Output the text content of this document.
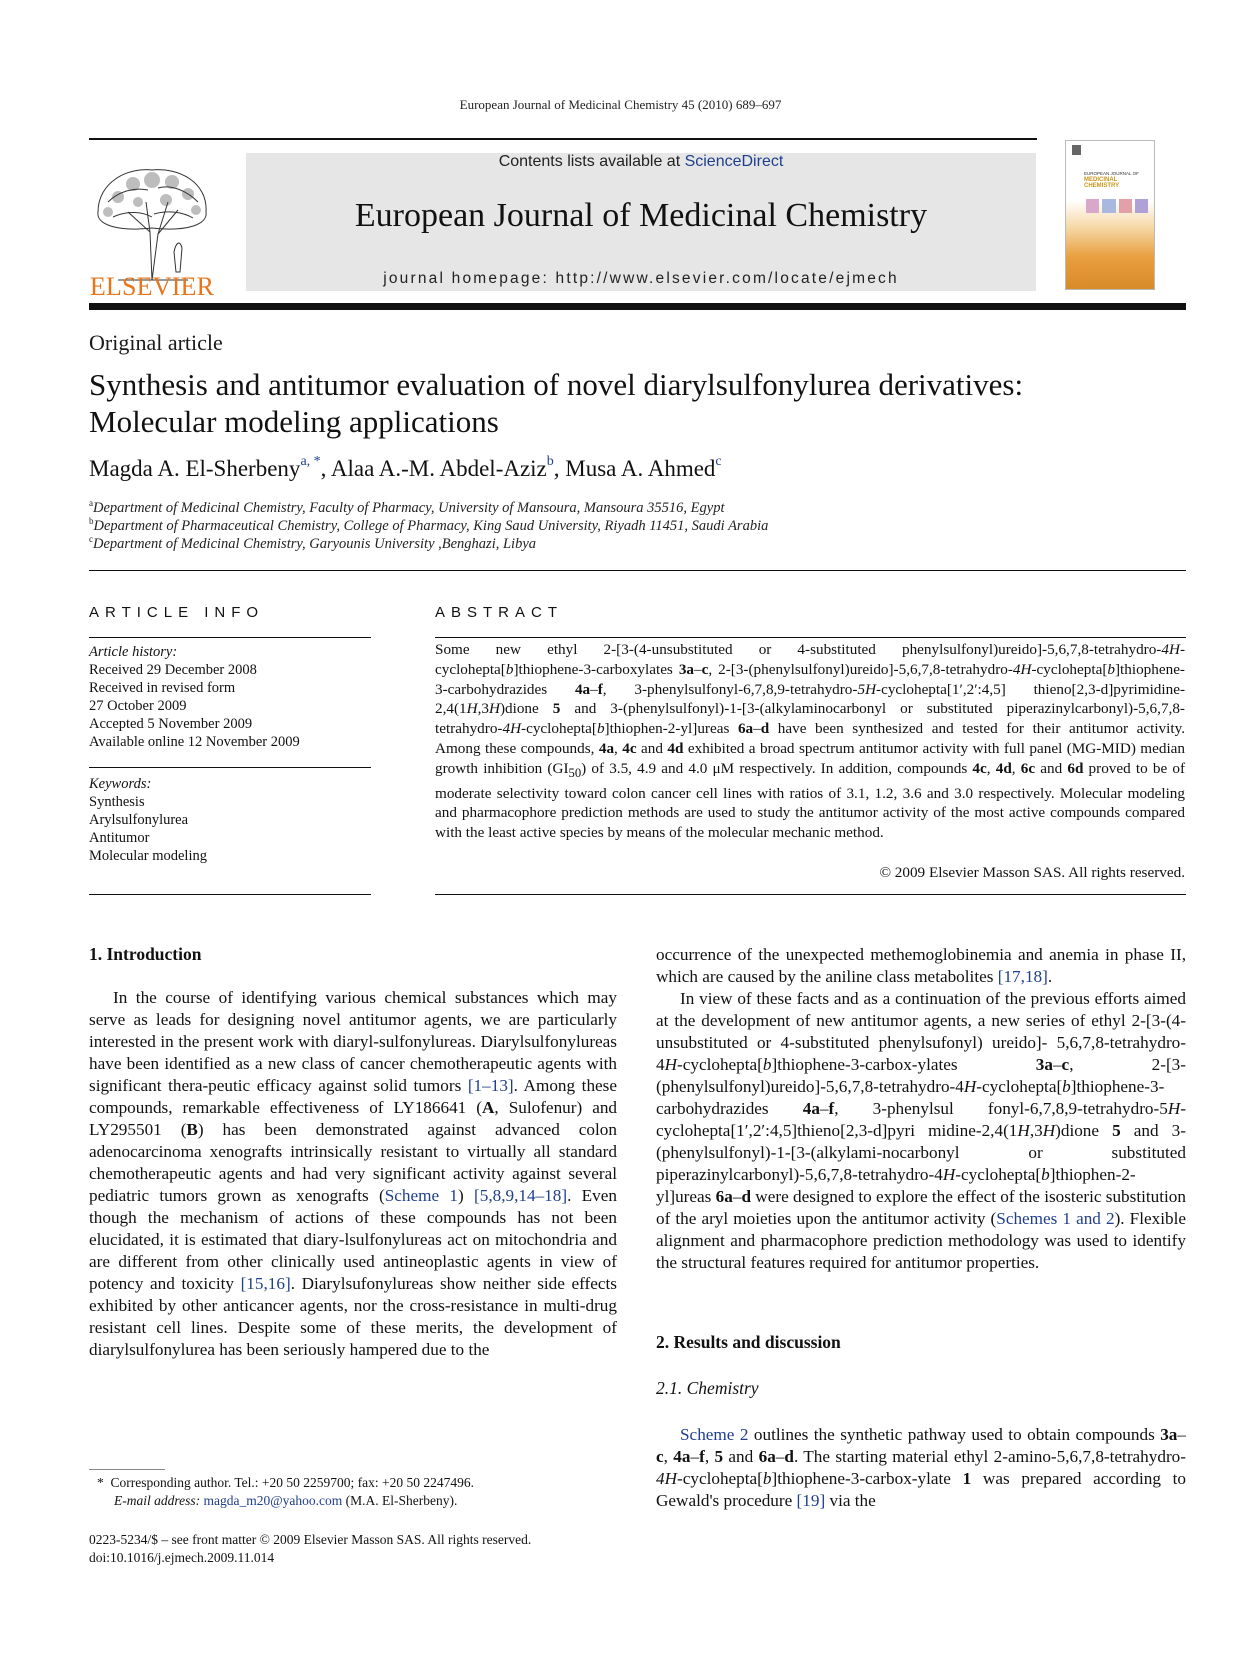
European Journal of Medicinal Chemistry 45 (2010) 689–697
ELSEVIER
Contents lists available at ScienceDirect
European Journal of Medicinal Chemistry
journal homepage: http://www.elsevier.com/locate/ejmech
EUROPEAN JOURNAL OF
MEDICINAL CHEMISTRY
Original article
Synthesis and antitumor evaluation of novel diarylsulfonylurea derivatives:
Molecular modeling applications
Magda A. El-Sherbeny$^{a, *}$, Alaa A.-M. Abdel-Aziz$^b$, Musa A. Ahmed$^c$
$^a$Department of Medicinal Chemistry, Faculty of Pharmacy, University of Mansoura, Mansoura 35516, Egypt
$^b$Department of Pharmaceutical Chemistry, College of Pharmacy, King Saud University, Riyadh 11451, Saudi Arabia
$^c$Department of Medicinal Chemistry, Garyounis University ,Benghazi, Libya
ARTICLE INFO
Article history:
Received 29 December 2008
Received in revised form
27 October 2009
Accepted 5 November 2009
Available online 12 November 2009
Keywords:
Synthesis
Arylsulfonylurea
Antitumor
Molecular modeling
ABSTRACT
Some new ethyl 2-[3-(4-unsubstituted or 4-substituted phenylsulfonyl)ureido]-5,6,7,8-tetrahydro-4H-cyclohepta[b]thiophene-3-carboxylates 3a–c, 2-[3-(phenylsulfonyl)ureido]-5,6,7,8-tetrahydro-4H-cyclohepta[b]thiophene-3-carbohydrazides 4a–f, 3-phenylsulfonyl-6,7,8,9-tetrahydro-5H-cyclohepta[1′,2′:4,5] thieno[2,3-d]pyrimidine-2,4(1H,3H)dione 5 and 3-(phenylsulfonyl)-1-[3-(alkylaminocarbonyl or substituted piperazinylcarbonyl)-5,6,7,8-tetrahydro-4H-cyclohepta[b]thiophen-2-yl]ureas 6a–d have been synthesized and tested for their antitumor activity. Among these compounds, 4a, 4c and 4d exhibited a broad spectrum antitumor activity with full panel (MG-MID) median growth inhibition $(GI_{50})$ of 3.5, 4.9 and 4.0 μM respectively. In addition, compounds 4c, 4d, 6c and 6d proved to be of moderate selectivity toward colon cancer cell lines with ratios of 3.1, 1.2, 3.6 and 3.0 respectively. Molecular modeling and pharmacophore prediction methods are used to study the antitumor activity of the most active compounds compared with the least active species by means of the molecular mechanic method.
© 2009 Elsevier Masson SAS. All rights reserved.
1. Introduction

In the course of identifying various chemical substances which may serve as leads for designing novel antitumor agents, we are particularly interested in the present work with diaryl-sulfonylureas. Diarylsulfonylureas have been identified as a new class of cancer chemotherapeutic agents with significant thera-peutic efficacy against solid tumors [1–13]. Among these compounds, remarkable effectiveness of LY186641 (A, Sulofenur) and LY295501 (B) has been demonstrated against advanced colon adenocarcinoma xenografts intrinsically resistant to virtually all standard chemotherapeutic agents and had very significant activity against several pediatric tumors grown as xenografts (Scheme 1) [5,8,9,14–18]. Even though the mechanism of actions of these compounds has not been elucidated, it is estimated that diary-lsulfonylureas act on mitochondria and are different from other clinically used antineoplastic agents in view of potency and toxicity [15,16]. Diarylsufonylureas show neither side effects exhibited by other anticancer agents, nor the cross-resistance in multi-drug resistant cell lines. Despite some of these merits, the development of diarylsulfonylurea has been seriously hampered due to the

occurrence of the unexpected methemoglobinemia and anemia in phase II, which are caused by the aniline class metabolites [17,18].

In view of these facts and as a continuation of the previous efforts aimed at the development of new antitumor agents, a new series of ethyl 2-[3-(4-unsubstituted or 4-substituted phenylsufonyl) ureido]- 5,6,7,8-tetrahydro-4H-cyclohepta[b]thiophene-3-carbox-ylates 3a–c, 2-[3-(phenylsulfonyl)ureido]-5,6,7,8-tetrahydro-4H-cyclohepta[b]thiophene-3-carbohydrazides 4a–f, 3-phenylsul fonyl-6,7,8,9-tetrahydro-5H-cyclohepta[1′,2′:4,5]thieno[2,3-d]pyri midine-2,4(1H,3H)dione 5 and 3-(phenylsulfonyl)-1-[3-(alkylami-nocarbonyl or substituted piperazinylcarbonyl)-5,6,7,8-tetrahydro-4H-cyclohepta[b]thiophen-2-yl]ureas 6a–d were designed to explore the effect of the isosteric substitution of the aryl moieties upon the antitumor activity (Schemes 1 and 2). Flexible alignment and pharmacophore prediction methodology was used to identify the structural features required for antitumor properties.

2. Results and discussion
2.1. Chemistry

Scheme 2 outlines the synthetic pathway used to obtain compounds 3a–c, 4a–f, 5 and 6a–d. The starting material ethyl 2-amino-5,6,7,8-tetrahydro-4H-cyclohepta[b]thiophene-3-carbox-ylate 1 was prepared according to Gewald's procedure [19] via the

*  Corresponding author. Tel.: +20 50 2259700; fax: +20 50 2247496.
E-mail address: magda_m20@yahoo.com (M.A. El-Sherbeny).
0223-5234/$ – see front matter © 2009 Elsevier Masson SAS. All rights reserved.
doi:10.1016/j.ejmech.2009.11.014
